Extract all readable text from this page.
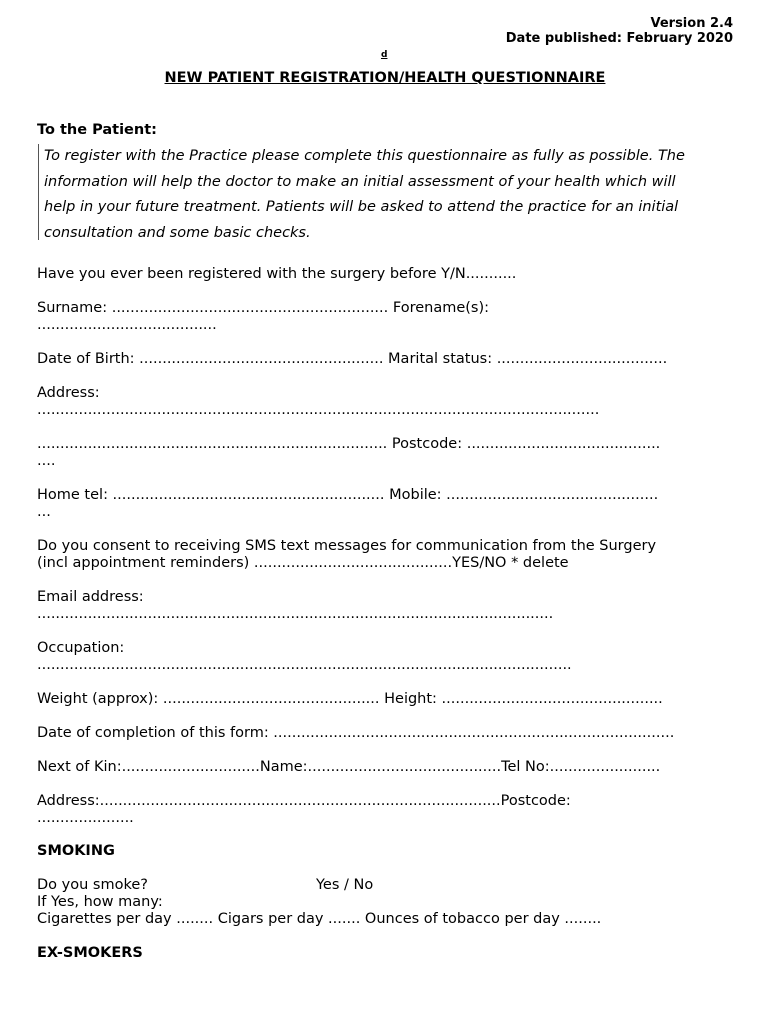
Version 2.4
Date published: February 2020
d
NEW PATIENT REGISTRATION/HEALTH QUESTIONNAIRE
To the Patient:
To register with the Practice please complete this questionnaire as fully as possible. The
information will help the doctor to make an initial assessment of your health which will
help in your future treatment. Patients will be asked to attend the practice for an initial
consultation and some basic checks.
Have you ever been registered with the surgery before Y/N...........
Surname: ............................................................ Forename(s):
.......................................
Date of Birth: ..................................................... Marital status: .....................................
Address:
..........................................................................................................................
............................................................................ Postcode: ..........................................
....
Home tel: ........................................................... Mobile: ..............................................
...
Do you consent to receiving SMS text messages for communication from the Surgery
(incl appointment reminders) ...........................................YES/NO * delete
Email address:
................................................................................................................
Occupation:
....................................................................................................................
Weight (approx): ............................................... Height: ................................................
Date of completion of this form: .......................................................................................
Next of Kin:..............................Name:..........................................Tel No:........................
Address:.......................................................................................Postcode:
.....................
SMOKING
Do you smoke?	Yes / No
If Yes, how many:
Cigarettes per day ........ Cigars per day ....... Ounces of tobacco per day ........
EX-SMOKERS
